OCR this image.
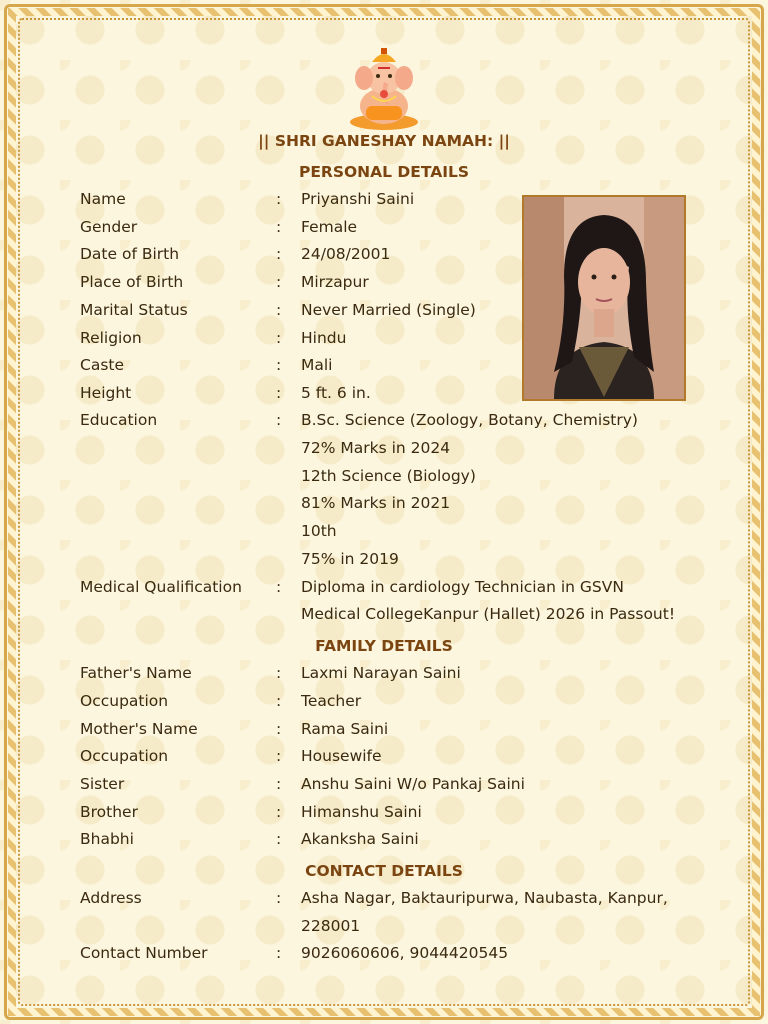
|| SHRI GANESHAY NAMAH: ||
PERSONAL DETAILS
Name	: Priyanshi Saini
Gender	: Female
Date of Birth	: 24/08/2001
Place of Birth	: Mirzapur
Marital Status	: Never Married (Single)
Religion	: Hindu
Caste	: Mali
Height	: 5 ft. 6 in.
Education	: B.Sc. Science (Zoology, Botany, Chemistry)
72% Marks in 2024
12th Science (Biology)
81% Marks in 2021
10th
75% in 2019
Medical Qualification : Diploma in cardiology Technician in GSVN
Medical CollegeKanpur (Hallet) 2026 in Passout!
FAMILY DETAILS
Father's Name	: Laxmi Narayan Saini
Occupation	: Teacher
Mother's Name	: Rama Saini
Occupation	: Housewife
Sister	: Anshu Saini W/o Pankaj Saini
Brother	: Himanshu Saini
Bhabhi	: Akanksha Saini
CONTACT DETAILS
Address	: Asha Nagar, Baktauripurwa, Naubasta, Kanpur,
228001
Contact Number	: 9026060606, 9044420545
